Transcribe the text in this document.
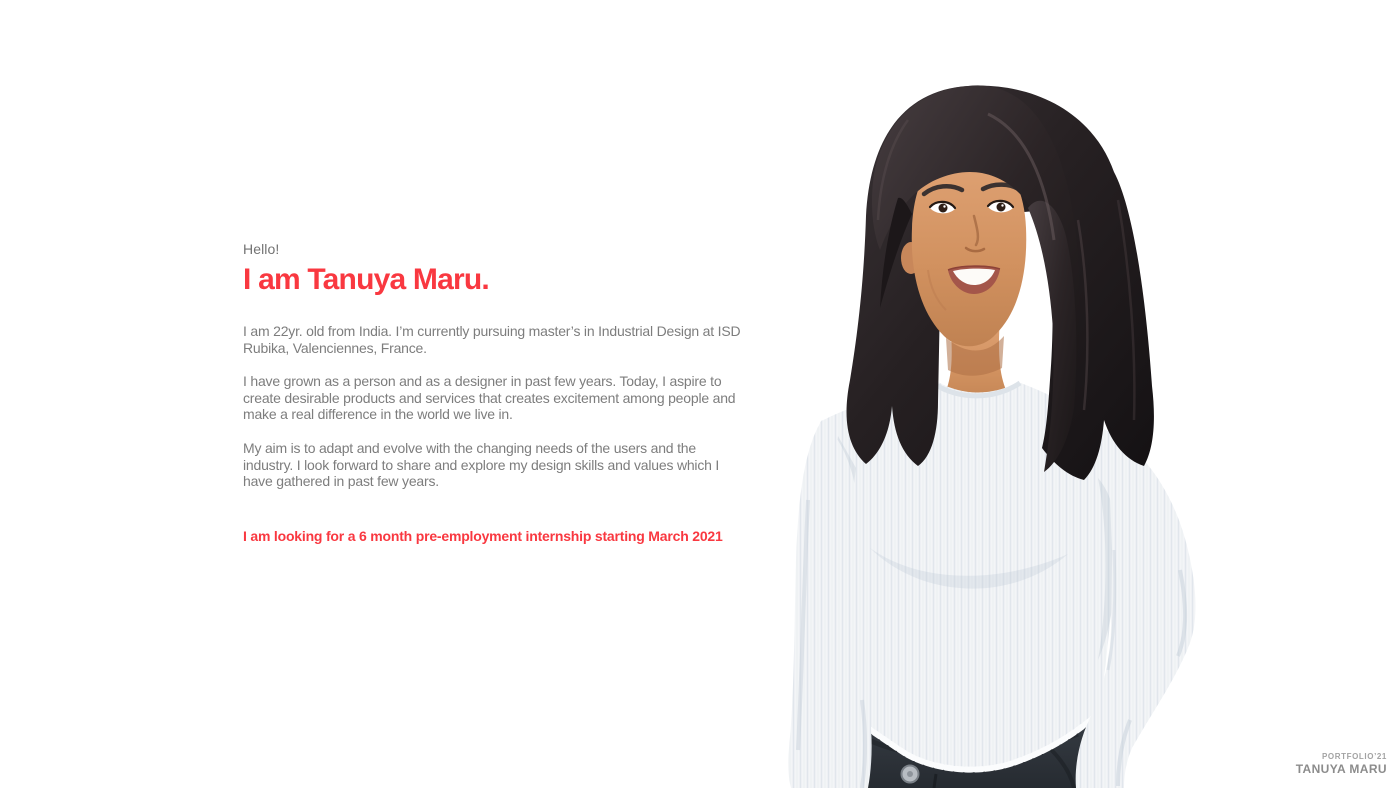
Hello!

I am Tanuya Maru.

I am 22yr. old from India. I’m currently pursuing master’s in Industrial Design at ISD Rubika, Valenciennes, France.

I have grown as a person and as a designer in past few years. Today, I aspire to create desirable products and services that creates excitement among people and make a real difference in the world we live in.

My aim is to adapt and evolve with the changing needs of the users and the industry. I look forward to share and explore my design skills and values which I have gathered in past few years.

I am looking for a 6 month pre-employment internship starting March 2021

PORTFOLIO’21
TANUYA MARU
